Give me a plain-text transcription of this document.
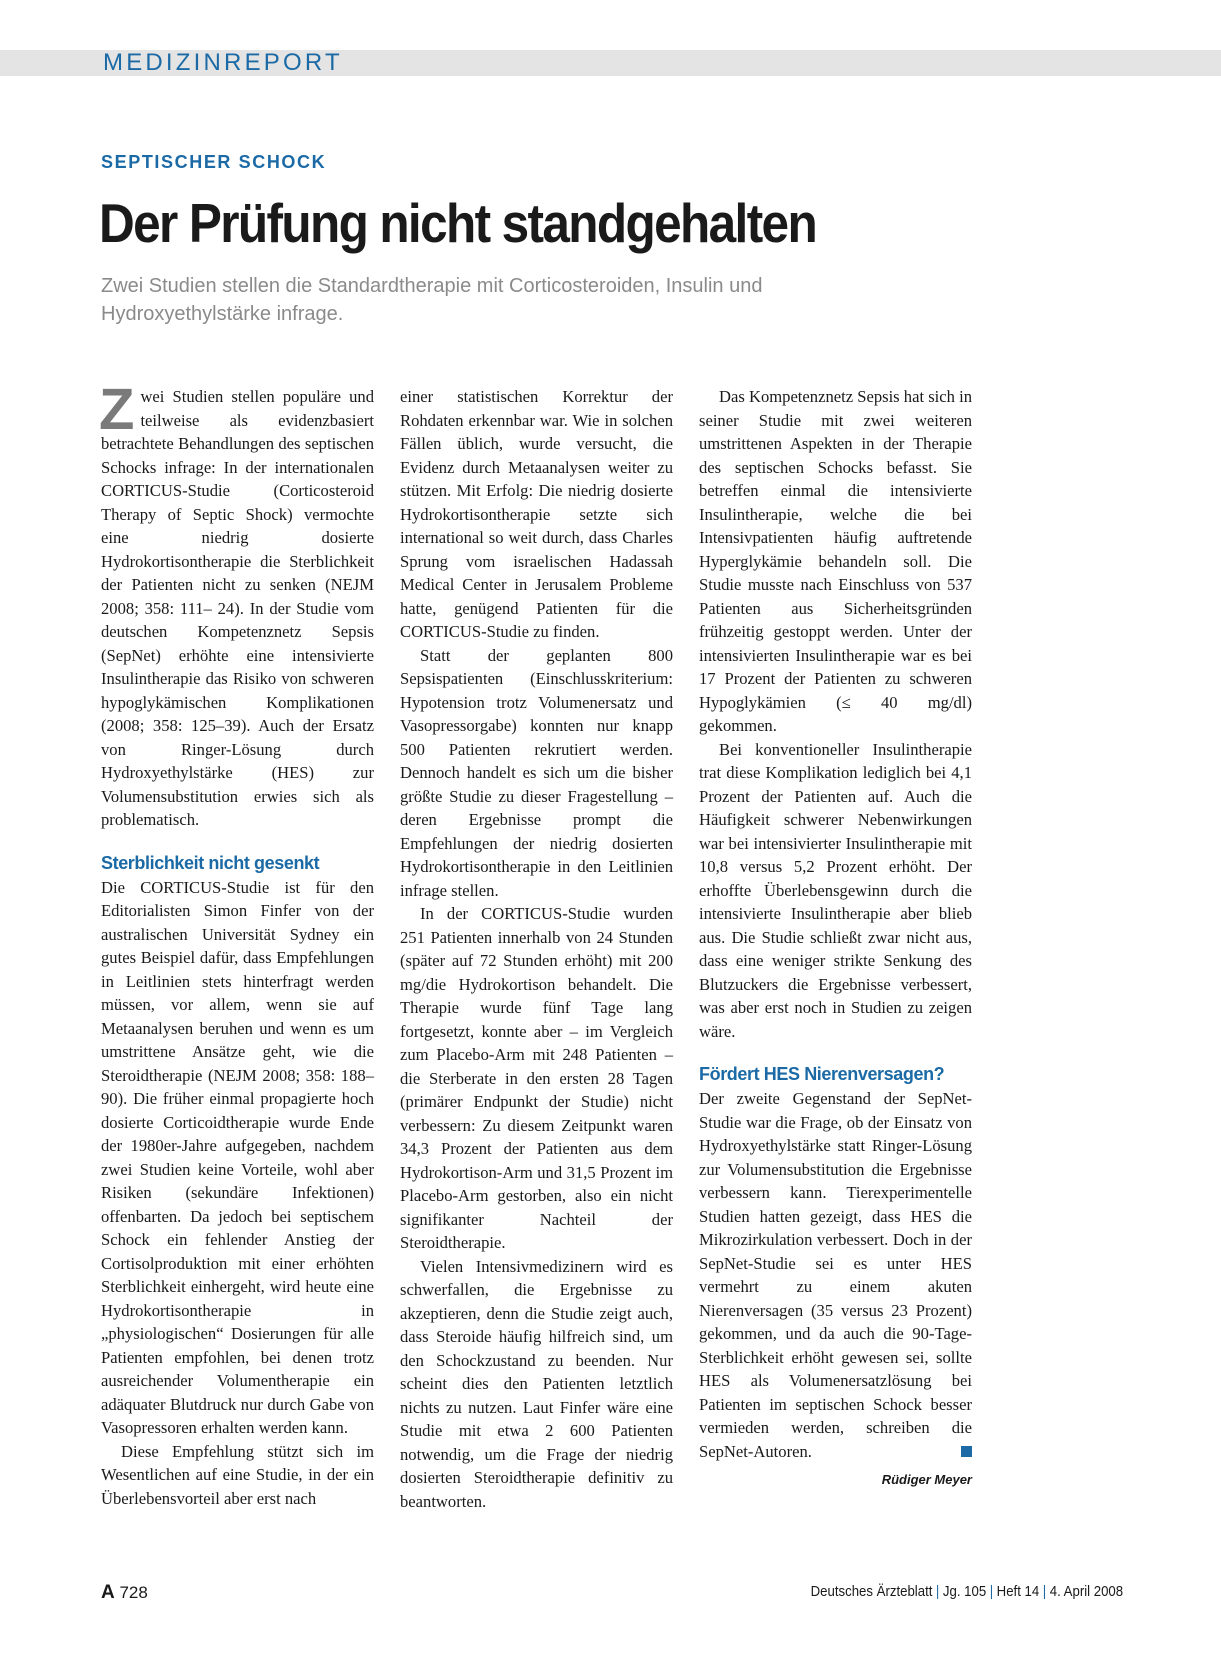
MEDIZINREPORT
SEPTISCHER SCHOCK
Der Prüfung nicht standgehalten

Zwei Studien stellen die Standardtherapie mit Corticosteroiden, Insulin und Hydroxyethylstärke infrage.

Zwei Studien stellen populäre und teilweise als evidenzbasiert betrachtete Behandlungen des septischen Schocks infrage: In der internationalen CORTICUS-Studie (Corticosteroid Therapy of Septic Shock) vermochte eine niedrig dosierte Hydrokortisontherapie die Sterblichkeit der Patienten nicht zu senken (NEJM 2008; 358: 111– 24). In der Studie vom deutschen Kompetenznetz Sepsis (SepNet) erhöhte eine intensivierte Insulintherapie das Risiko von schweren hypoglykämischen Komplikationen (2008; 358: 125–39). Auch der Ersatz von Ringer-Lösung durch Hydroxyethylstärke (HES) zur Volumensubstitution erwies sich als problematisch.

Sterblichkeit nicht gesenkt

Die CORTICUS-Studie ist für den Editorialisten Simon Finfer von der australischen Universität Sydney ein gutes Beispiel dafür, dass Empfehlungen in Leitlinien stets hinterfragt werden müssen, vor allem, wenn sie auf Metaanalysen beruhen und wenn es um umstrittene Ansätze geht, wie die Steroidtherapie (NEJM 2008; 358: 188–90). Die früher einmal propagierte hoch dosierte Corticoidtherapie wurde Ende der 1980er-Jahre aufgegeben, nachdem zwei Studien keine Vorteile, wohl aber Risiken (sekundäre Infektionen) offenbarten. Da jedoch bei septischem Schock ein fehlender Anstieg der Cortisolproduktion mit einer erhöhten Sterblichkeit einhergeht, wird heute eine Hydrokortisontherapie in „physiologischen“ Dosierungen für alle Patienten empfohlen, bei denen trotz ausreichender Volumentherapie ein adäquater Blutdruck nur durch Gabe von Vasopressoren erhalten werden kann.

Diese Empfehlung stützt sich im Wesentlichen auf eine Studie, in der ein Überlebensvorteil aber erst nach

einer statistischen Korrektur der Rohdaten erkennbar war. Wie in solchen Fällen üblich, wurde versucht, die Evidenz durch Metaanalysen weiter zu stützen. Mit Erfolg: Die niedrig dosierte Hydrokortisontherapie setzte sich international so weit durch, dass Charles Sprung vom israelischen Hadassah Medical Center in Jerusalem Probleme hatte, genügend Patienten für die CORTICUS-Studie zu finden.

Statt der geplanten 800 Sepsispatienten (Einschlusskriterium: Hypotension trotz Volumenersatz und Vasopressorgabe) konnten nur knapp 500 Patienten rekrutiert werden. Dennoch handelt es sich um die bisher größte Studie zu dieser Fragestellung – deren Ergebnisse prompt die Empfehlungen der niedrig dosierten Hydrokortisontherapie in den Leitlinien infrage stellen.

In der CORTICUS-Studie wurden 251 Patienten innerhalb von 24 Stunden (später auf 72 Stunden erhöht) mit 200 mg/die Hydrokortison behandelt. Die Therapie wurde fünf Tage lang fortgesetzt, konnte aber – im Vergleich zum Placebo-Arm mit 248 Patienten – die Sterberate in den ersten 28 Tagen (primärer Endpunkt der Studie) nicht verbessern: Zu diesem Zeitpunkt waren 34,3 Prozent der Patienten aus dem Hydrokortison-Arm und 31,5 Prozent im Placebo-Arm gestorben, also ein nicht signifikanter Nachteil der Steroidtherapie.

Vielen Intensivmedizinern wird es schwerfallen, die Ergebnisse zu akzeptieren, denn die Studie zeigt auch, dass Steroide häufig hilfreich sind, um den Schockzustand zu beenden. Nur scheint dies den Patienten letztlich nichts zu nutzen. Laut Finfer wäre eine Studie mit etwa 2 600 Patienten notwendig, um die Frage der niedrig dosierten Steroidtherapie definitiv zu beantworten.

Das Kompetenznetz Sepsis hat sich in seiner Studie mit zwei weiteren umstrittenen Aspekten in der Therapie des septischen Schocks befasst. Sie betreffen einmal die intensivierte Insulintherapie, welche die bei Intensivpatienten häufig auftretende Hyperglykämie behandeln soll. Die Studie musste nach Einschluss von 537 Patienten aus Sicherheitsgründen frühzeitig gestoppt werden. Unter der intensivierten Insulintherapie war es bei 17 Prozent der Patienten zu schweren Hypoglykämien (≤ 40 mg/dl) gekommen.

Bei konventioneller Insulintherapie trat diese Komplikation lediglich bei 4,1 Prozent der Patienten auf. Auch die Häufigkeit schwerer Nebenwirkungen war bei intensivierter Insulintherapie mit 10,8 versus 5,2 Prozent erhöht. Der erhoffte Überlebensgewinn durch die intensivierte Insulintherapie aber blieb aus. Die Studie schließt zwar nicht aus, dass eine weniger strikte Senkung des Blutzuckers die Ergebnisse verbessert, was aber erst noch in Studien zu zeigen wäre.

Fördert HES Nierenversagen?

Der zweite Gegenstand der SepNet-Studie war die Frage, ob der Einsatz von Hydroxyethylstärke statt Ringer-Lösung zur Volumensubstitution die Ergebnisse verbessern kann. Tierexperimentelle Studien hatten gezeigt, dass HES die Mikrozirkulation verbessert. Doch in der SepNet-Studie sei es unter HES vermehrt zu einem akuten Nierenversagen (35 versus 23 Prozent) gekommen, und da auch die 90-Tage-Sterblichkeit erhöht gewesen sei, sollte HES als Volumenersatzlösung bei Patienten im septischen Schock besser vermieden werden, schreiben die SepNet-Autoren.

Rüdiger Meyer

A 728	Deutsches Ärzteblatt | Jg. 105 | Heft 14 | 4. April 2008
